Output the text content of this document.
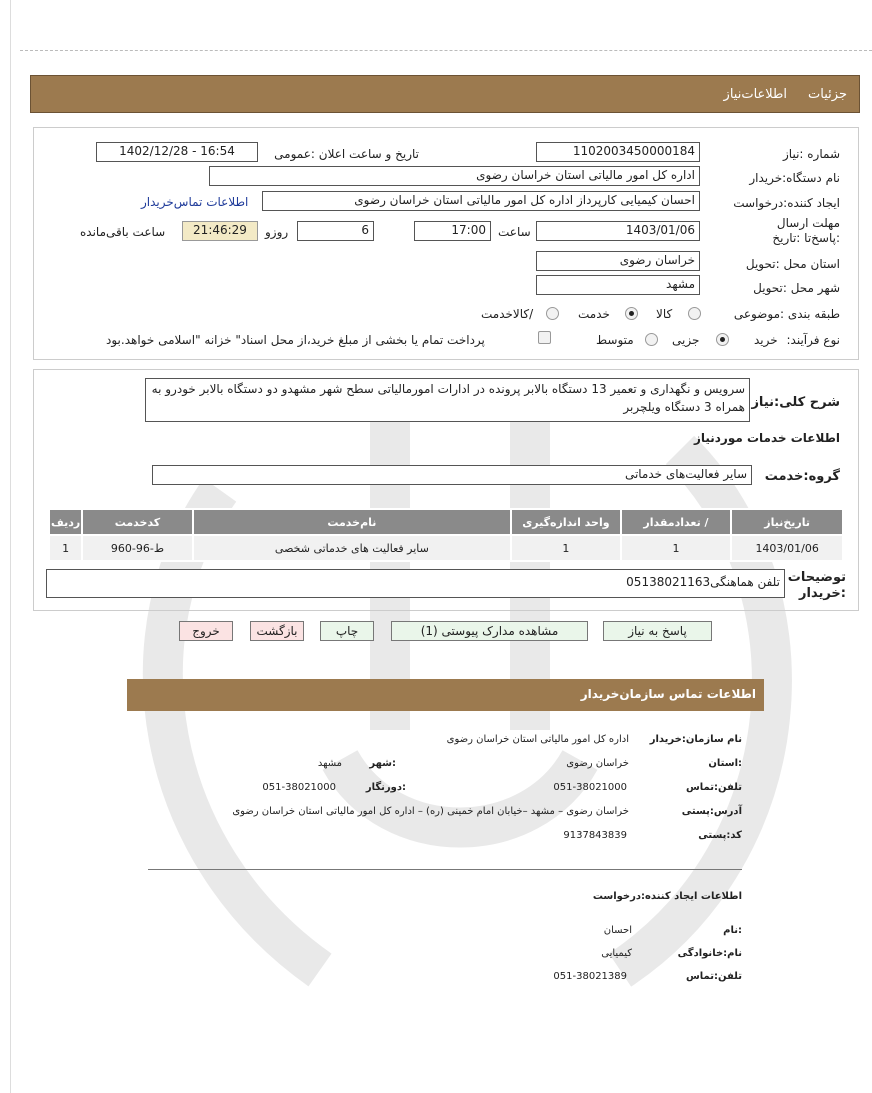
جزئیات
اطلاعات‌نیاز
شماره :نیاز
1102003450000184
تاریخ و ساعت اعلان :عمومی
1402/12/28 - 16:54
نام دستگاه:خریدار
اداره کل امور مالیاتی استان خراسان رضوی
ایجاد کننده:درخواست
احسان کیمیایی کارپرداز اداره کل امور مالیاتی استان خراسان رضوی
اطلاعات تماس‌خریدار
مهلت ارسال :پاسخ‌تا :تاریخ
1403/01/06
ساعت
17:00
6
روزو
21:46:29
ساعت باقی‌مانده
استان محل :تحویل
خراسان رضوی
شهر محل :تحویل
مشهد
طبقه بندی :موضوعی
کالا
خدمت
/کالاخدمت
نوع فرآیند:
خرید
جزیی
متوسط
پرداخت تمام یا بخشی از مبلغ خرید،از محل اسناد" خزانه "اسلامی خواهد.بود
شرح کلی:نیاز
سرویس و نگهداری و تعمیر 13 دستگاه بالابر پرونده در ادارات امورمالیاتی سطح شهر مشهدو دو دستگاه بالابر خودرو به همراه 3 دستگاه ویلچربر
اطلاعات خدمات موردنیاز
گروه:خدمت
سایر فعالیت‌های خدماتی
تاریخ‌نیاز	/ تعدادمقدار	واحد اندازه‌گیری	نام‌خدمت	کدخدمت	ردیف
1403/01/06	1	1	سایر فعالیت های خدماتی شخصی	ط-96-960	1
توضیحات :خریدار
تلفن هماهنگی05138021163
پاسخ به نیاز
مشاهده مدارک پیوستی (1)
چاپ
بازگشت
خروج
اطلاعات تماس سازمان‌خریدار
نام سازمان:خریدار
اداره کل امور مالیاتی استان خراسان رضوی
:استان
خراسان رضوی
:شهر
مشهد
تلفن:تماس
051-38021000
:دورنگار
051-38021000
آدرس:پستی
خراسان رضوی – مشهد –خیابان امام خمینی (ره) – اداره کل امور مالیاتی استان خراسان رضوی
کد:پستی
9137843839
اطلاعات ایجاد کننده:درخواست
:نام
احسان
نام:خانوادگی
کیمیایی
تلفن:تماس
051-38021389
